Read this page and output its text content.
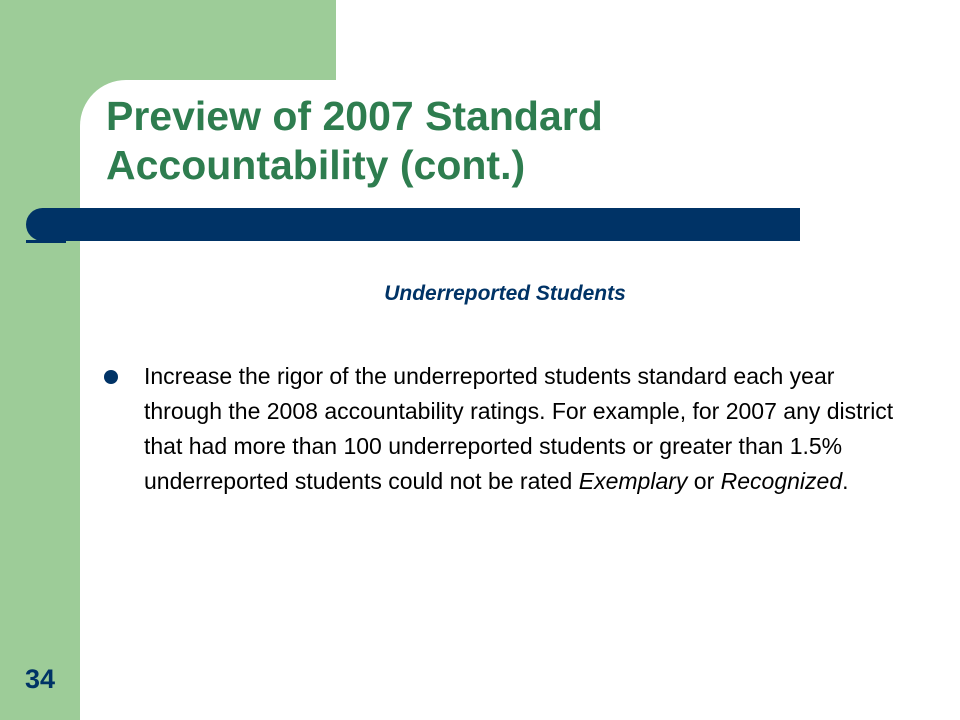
Preview of 2007 Standard Accountability (cont.)
Underreported Students
Increase the rigor of the underreported students standard each year through the 2008 accountability ratings. For example, for 2007 any district that had more than 100 underreported students or greater than 1.5% underreported students could not be rated Exemplary or Recognized.
34
